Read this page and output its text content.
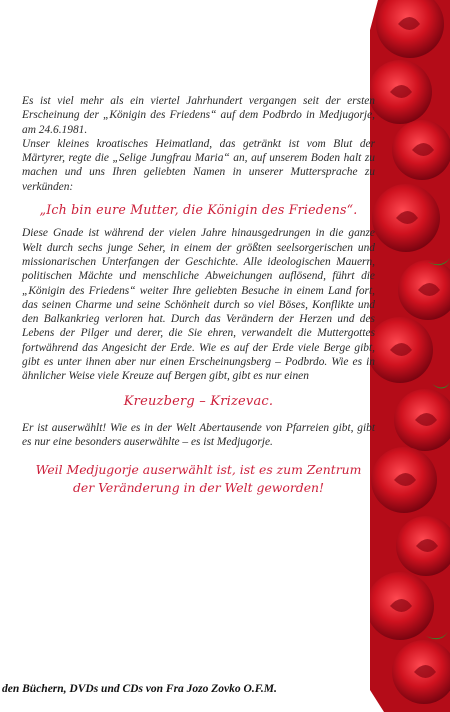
Es ist viel mehr als ein viertel Jahrhundert vergangen seit der ersten Erscheinung der „Königin des Friedens“ auf dem Podbrdo in Medjugorje, am 24.6.1981.

Unser kleines kroatisches Heimatland, das getränkt ist vom Blut der Märtyrer, regte die „Selige Jungfrau Maria“ an, auf unserem Boden halt zu machen und uns Ihren geliebten Namen in unserer Muttersprache zu verkünden:

„Ich bin eure Mutter, die Königin des Friedens“.

Diese Gnade ist während der vielen Jahre hinausgedrungen in die ganze Welt durch sechs junge Seher, in einem der größten seelsorgerischen und missionarischen Unterfangen der Geschichte. Alle ideologischen Mauern, politischen Mächte und menschliche Abweichungen auflösend, führt die „Königin des Friedens“ weiter Ihre geliebten Besuche in einem Land fort, das seinen Charme und seine Schönheit durch so viel Böses, Konflikte und den Balkankrieg verloren hat. Durch das Verändern der Herzen und des Lebens der Pilger und derer, die Sie ehren, verwandelt die Muttergottes fortwährend das Angesicht der Erde. Wie es auf der Erde viele Berge gibt, gibt es unter ihnen aber nur einen Erscheinungsberg – Podbrdo. Wie es in ähnlicher Weise viele Kreuze auf Bergen gibt, gibt es nur einen

Kreuzberg – Krizevac.

Er ist auserwählt! Wie es in der Welt Abertausende von Pfarreien gibt, gibt es nur eine besonders auserwählte – es ist Medjugorje.

Weil Medjugorje auserwählt ist, ist es zum Zentrum
der Veränderung in der Welt geworden!
den Büchern, DVDs und CDs von Fra Jozo Zovko O.F.M.
